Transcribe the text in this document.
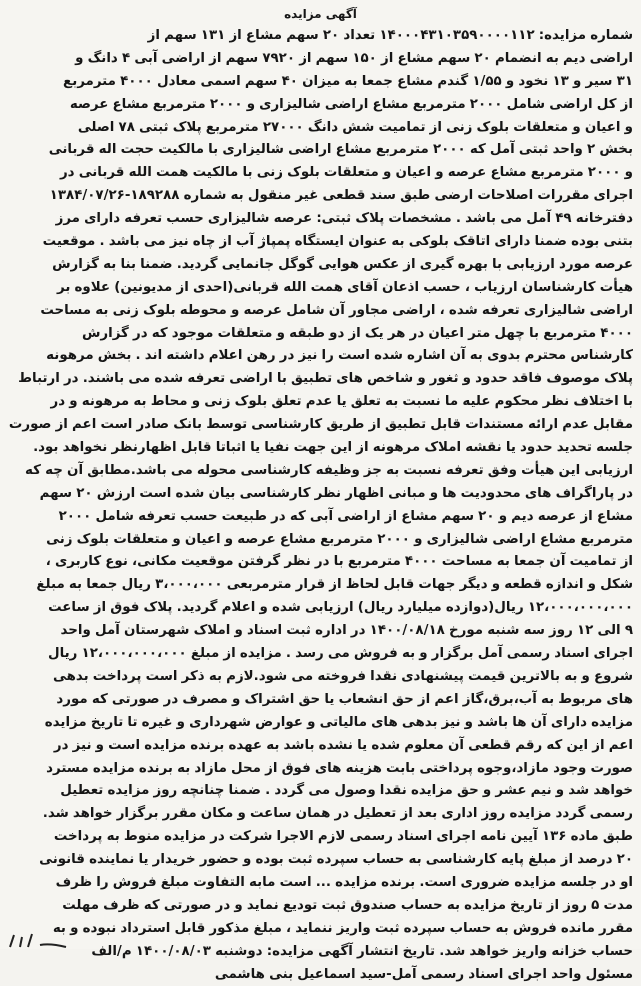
آگهی مزایده
شماره مزایده: ۱۴۰۰۰۴۳۱۰۳۵۹۰۰۰۰۱۱۲ تعداد ۲۰ سهم مشاع از ۱۳۱ سهم از
اراضی دیم به انضمام ۲۰ سهم مشاع از ۱۵۰ سهم از ۷۹۲۰ سهم از اراضی آبی ۴ دانگ و
۳۱ سیر و ۱۳ نخود و ۱/۵۵ گندم مشاع جمعا به میزان ۴۰ سهم اسمی معادل ۴۰۰۰ مترمربع
از کل اراضی شامل ۲۰۰۰ مترمربع مشاع اراضی شالیزاری و ۲۰۰۰ مترمربع مشاع عرصه
و اعیان و متعلقات بلوک زنی از تمامیت شش دانگ ۲۷۰۰۰ مترمربع پلاک ثبتی ۷۸ اصلی
بخش ۲ واحد ثبتی آمل که ۲۰۰۰ مترمربع مشاع اراضی شالیزاری با مالکیت حجت اله قربانی
و ۲۰۰۰ مترمربع مشاع عرصه و اعیان و متعلقات بلوک زنی با مالکیت همت الله قربانی در
اجرای مقررات اصلاحات ارضی طبق سند قطعی غیر منقول به شماره ۱۸۹۲۸۸-۱۳۸۴/۰۷/۲۶
دفترخانه ۴۹ آمل می باشد . مشخصات پلاک ثبتی: عرصه شالیزاری حسب تعرفه دارای مرز
بتنی بوده ضمنا دارای اتاقک بلوکی به عنوان ایستگاه پمپاژ آب از چاه نیز می باشد . موقعیت
عرصه مورد ارزیابی با بهره گیری از عکس هوایی گوگل جانمایی گردید. ضمنا بنا به گزارش
هیأت کارشناسان ارزیاب ، حسب اذعان آقای همت الله قربانی(احدی از مدیونین) علاوه بر
اراضی شالیزاری تعرفه شده ، اراضی مجاور آن شامل عرصه و محوطه بلوک زنی به مساحت
۴۰۰۰ مترمربع با چهل متر اعیان در هر یک از دو طبقه و متعلقات موجود که در گزارش
کارشناس محترم بدوی به آن اشاره شده است را نیز در رهن اعلام داشته اند . بخش مرهونه
پلاک موصوف فاقد حدود و ثغور و شاخص های تطبیق با اراضی تعرفه شده می باشند. در ارتباط
با اختلاف نظر محکوم علیه ما نسبت به تعلق یا عدم تعلق بلوک زنی و محاط به مرهونه و در
مقابل عدم ارائه مستندات قابل تطبیق از طریق کارشناسی توسط بانک صادر است اعم از صورت
جلسه تحدید حدود یا نقشه املاک مرهونه از این جهت نفیا یا اثباتا قابل اظهارنظر نخواهد بود.
ارزیابی این هیأت وفق تعرفه نسبت به جز وظیفه کارشناسی محوله می باشد.مطابق آن چه که
در پاراگراف های محدودیت ها و مبانی اظهار نظر کارشناسی بیان شده است ارزش ۲۰ سهم
مشاع از عرصه دیم و ۲۰ سهم مشاع از اراضی آبی که در طبیعت حسب تعرفه شامل ۲۰۰۰
مترمربع مشاع اراضی شالیزاری و ۲۰۰۰ مترمربع مشاع عرصه و اعیان و متعلقات بلوک زنی
از تمامیت آن جمعا به مساحت ۴۰۰۰ مترمربع با در نظر گرفتن موقعیت مکانی، نوع کاربری ،
شکل و اندازه قطعه و دیگر جهات قابل لحاظ از قرار مترمربعی ۳،۰۰۰،۰۰۰ ریال جمعا به مبلغ
۱۲،۰۰۰،۰۰۰،۰۰۰ ریال(دوازده میلیارد ریال) ارزیابی شده و اعلام گردید. پلاک فوق از ساعت
۹ الی ۱۲ روز سه شنبه مورخ ۱۴۰۰/۰۸/۱۸ در اداره ثبت اسناد و املاک شهرستان آمل واحد
اجرای اسناد رسمی آمل برگزار و به فروش می رسد . مزایده از مبلغ ۱۲،۰۰۰،۰۰۰،۰۰۰ ریال
شروع و به بالاترین قیمت پیشنهادی نقدا فروخته می شود.لازم به ذکر است پرداخت بدهی
های مربوط به آب،برق،گاز اعم از حق انشعاب یا حق اشتراک و مصرف در صورتی که مورد
مزایده دارای آن ها باشد و نیز بدهی های مالیاتی و عوارض شهرداری و غیره تا تاریخ مزایده
اعم از این که رقم قطعی آن معلوم شده یا نشده باشد به عهده برنده مزایده است و نیز در
صورت وجود مازاد،وجوه پرداختی بابت هزینه های فوق از محل مازاد به برنده مزایده مسترد
خواهد شد و نیم عشر و حق مزایده نقدا وصول می گردد . ضمنا چنانچه روز مزایده تعطیل
رسمی گردد مزایده روز اداری بعد از تعطیل در همان ساعت و مکان مقرر برگزار خواهد شد.
طبق ماده ۱۳۶ آیین نامه اجرای اسناد رسمی لازم الاجرا شرکت در مزایده منوط به پرداخت
۲۰ درصد از مبلغ پایه کارشناسی به حساب سپرده ثبت بوده و حضور خریدار یا نماینده قانونی
او در جلسه مزایده ضروری است. برنده مزایده ... است مابه التفاوت مبلغ فروش را ظرف
مدت ۵ روز از تاریخ مزایده به حساب صندوق ثبت تودیع نماید و در صورتی که ظرف مهلت
مقرر مانده فروش به حساب سپرده ثبت واریز ننماید ، مبلغ مذکور قابل استرداد نبوده و به
حساب خزانه واریز خواهد شد. تاریخ انتشار آگهی مزایده: دوشنبه ۱۴۰۰/۰۸/۰۳ م/الف
مسئول واحد اجرای اسناد رسمی آمل-سید اسماعیل بنی هاشمی
